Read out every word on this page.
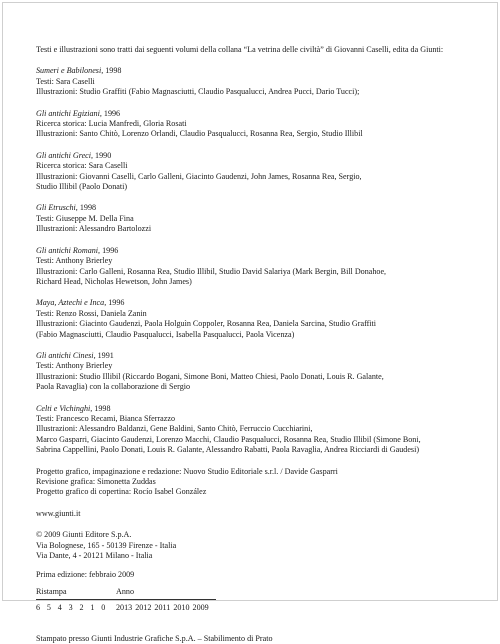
Testi e illustrazioni sono tratti dai seguenti volumi della collana “La vetrina delle civiltà” di Giovanni Caselli, edita da Giunti:

Sumeri e Babilonesi, 1998
Testi: Sara Caselli
Illustrazioni: Studio Graffiti (Fabio Magnasciutti, Claudio Pasqualucci, Andrea Pucci, Dario Tucci);
Gli antichi Egiziani, 1996
Ricerca storica: Lucia Manfredi, Gloria Rosati
Illustrazioni: Santo Chitò, Lorenzo Orlandi, Claudio Pasqualucci, Rosanna Rea, Sergio, Studio Illibil
Gli antichi Greci, 1990
Ricerca storica: Sara Caselli
Illustrazioni: Giovanni Caselli, Carlo Galleni, Giacinto Gaudenzi, John James, Rosanna Rea, Sergio,
Studio Illibil (Paolo Donati)
Gli Etruschi, 1998
Testi: Giuseppe M. Della Fina
Illustrazioni: Alessandro Bartolozzi
Gli antichi Romani, 1996
Testi: Anthony Brierley
Illustrazioni: Carlo Galleni, Rosanna Rea, Studio Illibil, Studio David Salariya (Mark Bergin, Bill Donahoe,
Richard Head, Nicholas Hewetson, John James)
Maya, Aztechi e Inca, 1996
Testi: Renzo Rossi, Daniela Zanin
Illustrazioni: Giacinto Gaudenzi, Paola Holguìn Coppoler, Rosanna Rea, Daniela Sarcina, Studio Graffiti
(Fabio Magnasciutti, Claudio Pasqualucci, Isabella Pasqualucci, Paola Vicenza)
Gli antichi Cinesi, 1991
Testi: Anthony Brierley
Illustrazioni: Studio Illibil (Riccardo Bogani, Simone Boni, Matteo Chiesi, Paolo Donati, Louis R. Galante,
Paola Ravaglia) con la collaborazione di Sergio
Celti e Vichinghi, 1998
Testi: Francesco Recami, Bianca Sferrazzo
Illustrazioni: Alessandro Baldanzi, Gene Baldini, Santo Chitò, Ferruccio Cucchiarini,
Marco Gasparri, Giacinto Gaudenzi, Lorenzo Macchi, Claudio Pasqualucci, Rosanna Rea, Studio Illibil (Simone Boni,
Sabrina Cappellini, Paolo Donati, Louis R. Galante, Alessandro Rabatti, Paola Ravaglia, Andrea Ricciardi di Gaudesi)
Progetto grafico, impaginazione e redazione: Nuovo Studio Editoriale s.r.l. / Davide Gasparri
Revisione grafica: Simonetta Zuddas
Progetto grafico di copertina: Rocío Isabel González
www.giunti.it
© 2009 Giunti Editore S.p.A.
Via Bolognese, 165 - 50139 Firenze - Italia
Via Dante, 4 - 20121 Milano - Italia
Prima edizione: febbraio 2009
Ristampa	Anno
6 5 4 3 2 1 0	2013 2012 2011 2010 2009
Stampato presso Giunti Industrie Grafiche S.p.A. – Stabilimento di Prato
